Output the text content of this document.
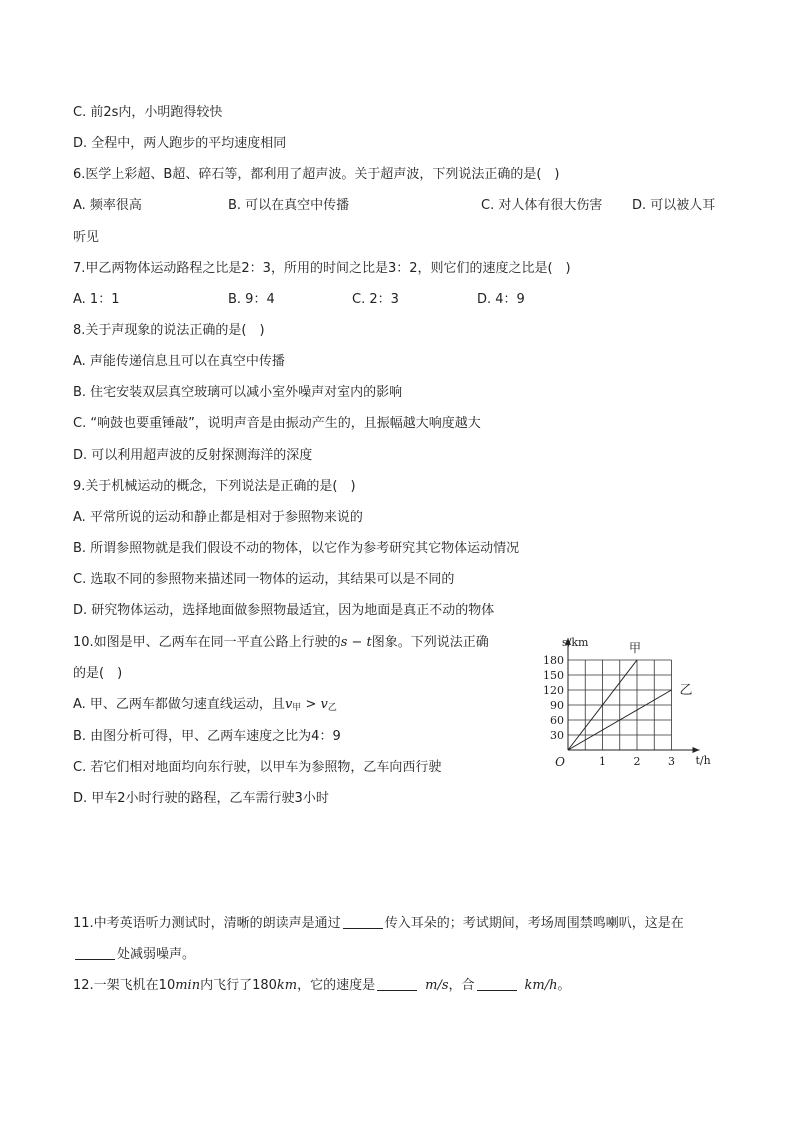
C. 前2s内，小明跑得较快
D. 全程中，两人跑步的平均速度相同
6.医学上彩超、B超、碎石等，都利用了超声波。关于超声波，下列说法正确的是(　)
A. 频率很高	B. 可以在真空中传播	C. 对人体有很大伤害 D. 可以被人耳
听见
7.甲乙两物体运动路程之比是2：3，所用的时间之比是3：2，则它们的速度之比是(　)
A. 1：1	B. 9：4	C. 2：3	D. 4：9
8.关于声现象的说法正确的是(　)
A. 声能传递信息且可以在真空中传播
B. 住宅安装双层真空玻璃可以减小室外噪声对室内的影响
C. “响鼓也要重锤敲”，说明声音是由振动产生的，且振幅越大响度越大
D. 可以利用超声波的反射探测海洋的深度
9.关于机械运动的概念，下列说法是正确的是(　)
A. 平常所说的运动和静止都是相对于参照物来说的
B. 所谓参照物就是我们假设不动的物体，以它作为参考研究其它物体运动情况
C. 选取不同的参照物来描述同一物体的运动，其结果可以是不同的
D. 研究物体运动，选择地面做参照物最适宜，因为地面是真正不动的物体
10.如图是甲、乙两车在同一平直公路上行驶的s − t图象。下列说法正确
的是(　)
A. 甲、乙两车都做匀速直线运动，且$v_甲 > v_乙$
B. 由图分析可得，甲、乙两车速度之比为4：9
C. 若它们相对地面均向东行驶，以甲车为参照物，乙车向西行驶
D. 甲车2小时行驶的路程，乙车需行驶3小时
30
60
90
120
150
180
1	2	3
O
s/km
t/h
甲
乙
11.中考英语听力测试时，清晰的朗读声是通过	传入耳朵的；考试期间，考场周围禁鸣喇叭，这是在
处减弱噪声。
12.一架飞机在10min内飞行了180km，它的速度是	m/s，合	km/h。
